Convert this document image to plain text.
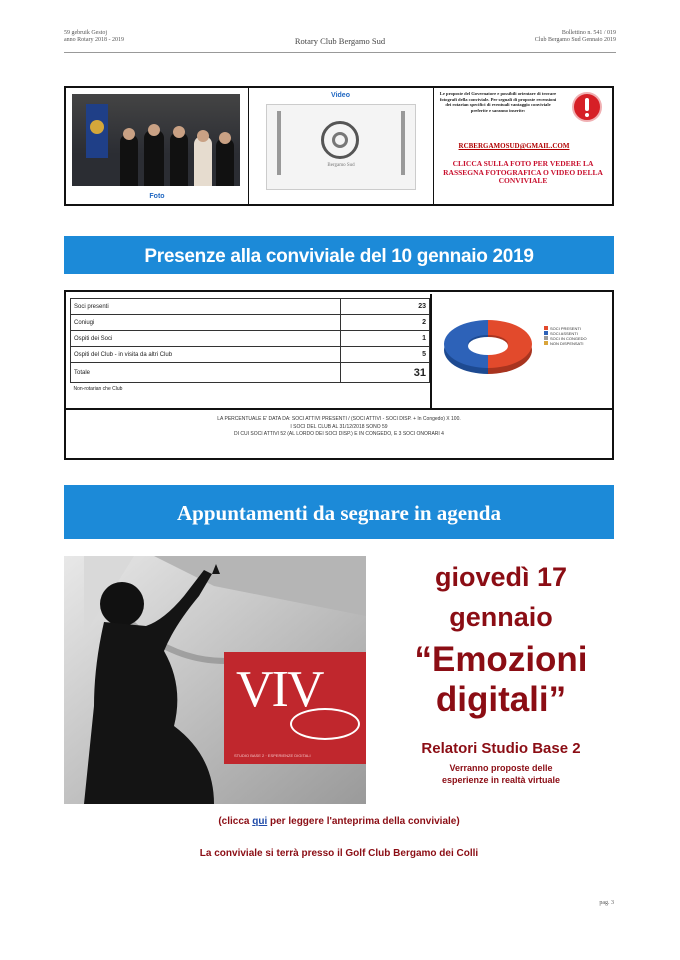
59 gebruik Gestoj
anno Rotary 2018 - 2019	Rotary Club Bergamo Sud
Bollettino n. 541 / 019
Club Bergamo Sud Gennaio 2019
Foto
Video
Bergamo Sud
Le proposte del Governatore e possibili orientare di trovare fotografi della conviviale. Per segnali di proposte recensioni dei rotarian specifici di eventuali vantaggio conviviale preferite e saranno inserite:
RCBERGAMOSUD@GMAIL.COM
CLICCA SULLA FOTO PER VEDERE LA RASSEGNA FOTOGRAFICA O VIDEO DELLA CONVIVIALE
Presenze alla conviviale del 10 gennaio 2019
Soci presenti	23
Coniugi	2
Ospiti dei Soci	1
Ospiti del Club - in visita da altri Club	5
Totale	31
Non-rotarian che Club	
SOCI PRESENTI
SOCI ASSENTI
SOCI IN CONGEDO
NON DISPENSATI
LA PERCENTUALE E' DATA DA: SOCI ATTIVI PRESENTI / (SOCI ATTIVI - SOCI DISP. + In Congedo) X 100.
I SOCI DEL CLUB AL 31/12/2018 SONO 59
DI CUI SOCI ATTIVI 52 (AL LORDO DEI SOCI DISP.) E IN CONGEDO, E 3 SOCI ONORARI 4
Appuntamenti da segnare in agenda
VIV
STUDIO BASE 2 · ESPERIENZE DIGITALI
giovedì 17
gennaio
“Emozioni
digitali”
Relatori Studio Base 2
Verranno proposte delle
esperienze in realtà virtuale
(clicca qui per leggere l'anteprima della conviviale)
La conviviale si terrà presso il Golf Club Bergamo dei Colli
pag. 3
